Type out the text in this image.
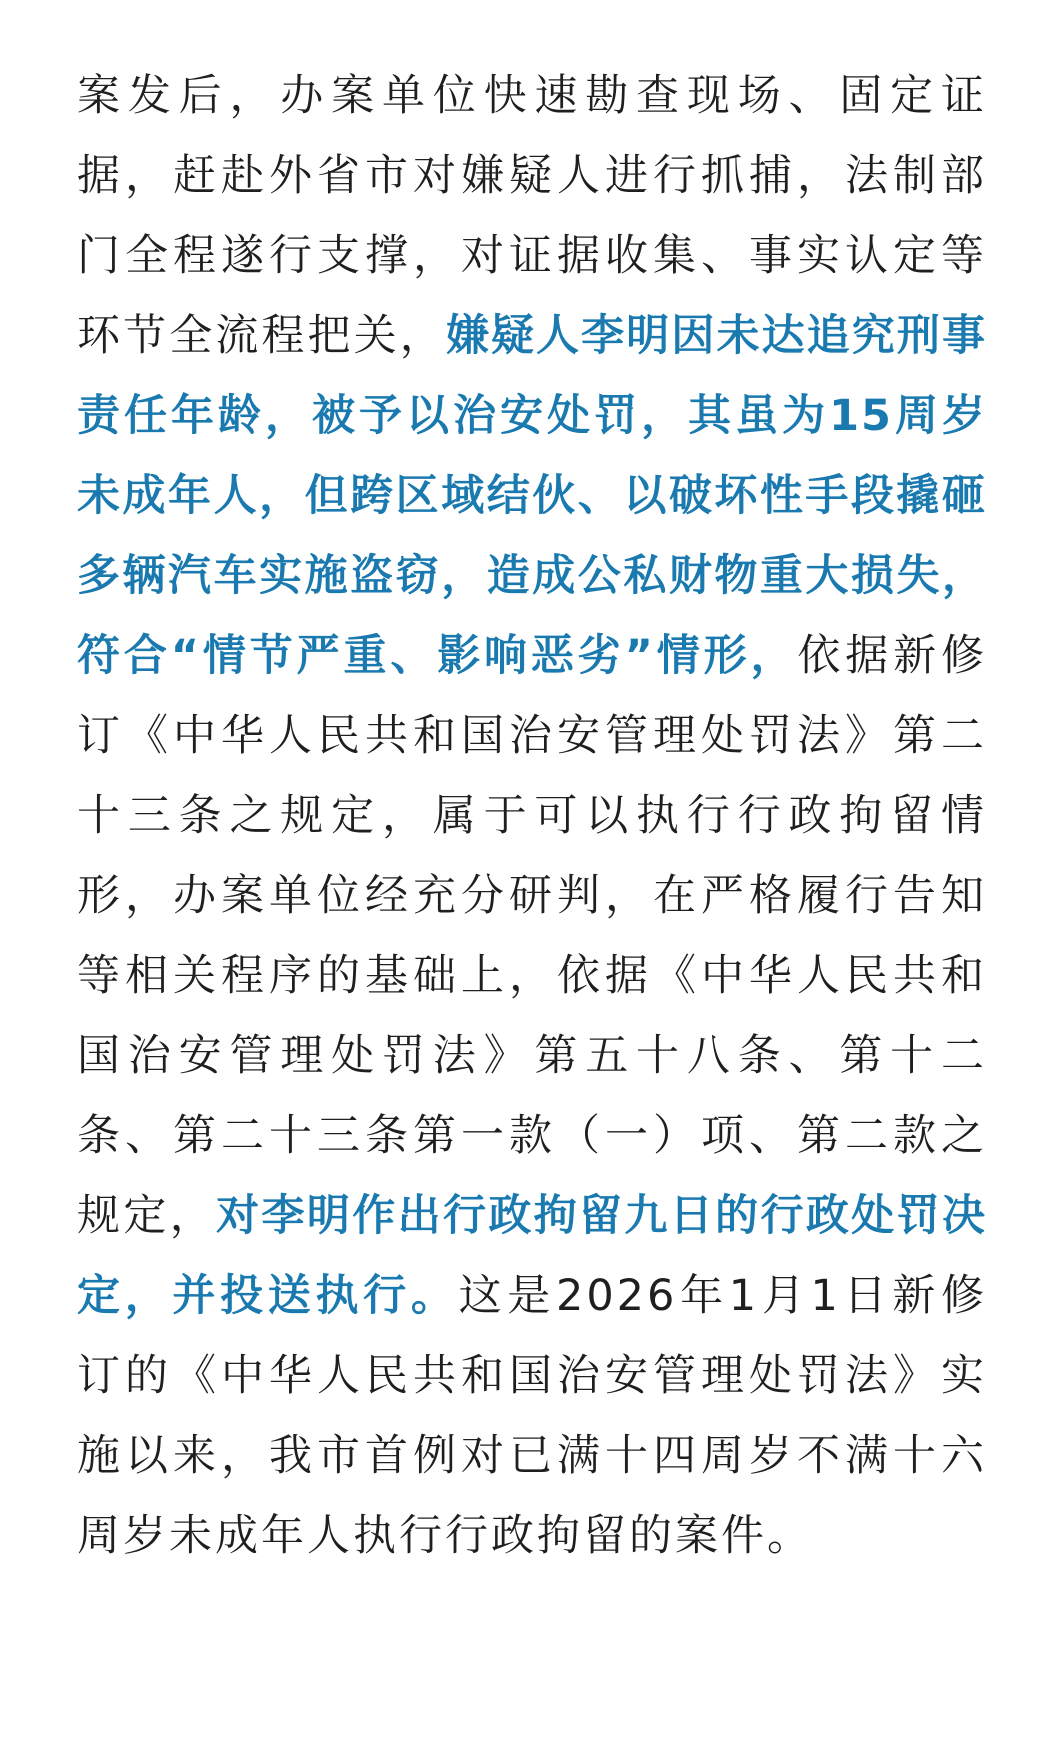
案发后，办案单位快速勘查现场、固定证据，赶赴外省市对嫌疑人进行抓捕，法制部门全程遂行支撑，对证据收集、事实认定等环节全流程把关，嫌疑人李明因未达追究刑事责任年龄，被予以治安处罚，其虽为15周岁未成年人，但跨区域结伙、以破坏性手段撬砸多辆汽车实施盗窃，造成公私财物重大损失，符合“情节严重、影响恶劣”情形，依据新修订《中华人民共和国治安管理处罚法》第二十三条之规定，属于可以执行行政拘留情形，办案单位经充分研判，在严格履行告知等相关程序的基础上，依据《中华人民共和国治安管理处罚法》第五十八条、第十二条、第二十三条第一款（一）项、第二款之规定，对李明作出行政拘留九日的行政处罚决定，并投送执行。这是2026年1月1日新修订的《中华人民共和国治安管理处罚法》实施以来，我市首例对已满十四周岁不满十六周岁未成年人执行行政拘留的案件。
